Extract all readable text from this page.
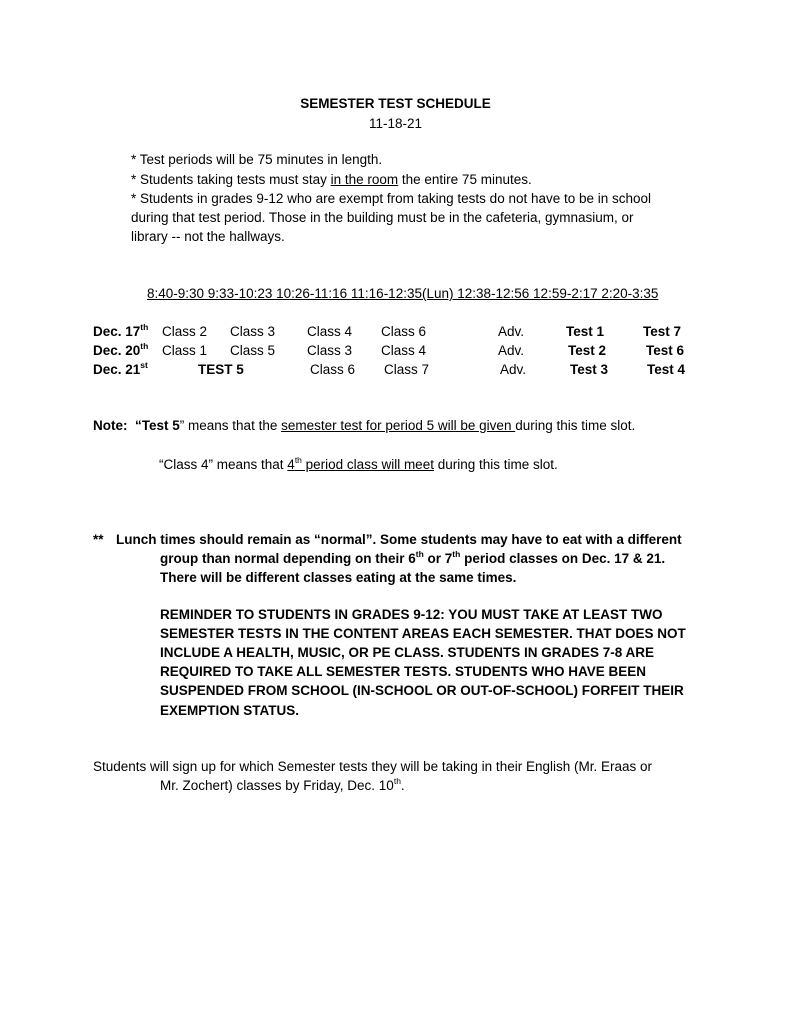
SEMESTER TEST SCHEDULE
11-18-21
* Test periods will be 75 minutes in length.
* Students taking tests must stay in the room the entire 75 minutes.
* Students in grades 9-12 who are exempt from taking tests do not have to be in school
during that test period. Those in the building must be in the cafeteria, gymnasium, or
library -- not the hallways.
8:40-9:30 9:33-10:23 10:26-11:16 11:16-12:35(Lun) 12:38-12:56 12:59-2:17 2:20-3:35
Dec. 17th Class 2 Class 3 Class 4 Class 6	Adv.	Test 1	Test 7
Dec. 20th Class 1 Class 5 Class 3 Class 4	Adv.	Test 2	Test 6
Dec. 21st	TEST 5	Class 6 Class 7	Adv.	Test 3	Test 4
Note: “Test 5” means that the semester test for period 5 will be given during this time slot.
“Class 4” means that 4th period class will meet during this time slot.
** Lunch times should remain as “normal”. Some students may have to eat with a different
group than normal depending on their 6th or 7th period classes on Dec. 17 & 21.
There will be different classes eating at the same times.
REMINDER TO STUDENTS IN GRADES 9-12: YOU MUST TAKE AT LEAST TWO
SEMESTER TESTS IN THE CONTENT AREAS EACH SEMESTER. THAT DOES NOT
INCLUDE A HEALTH, MUSIC, OR PE CLASS. STUDENTS IN GRADES 7-8 ARE
REQUIRED TO TAKE ALL SEMESTER TESTS. STUDENTS WHO HAVE BEEN
SUSPENDED FROM SCHOOL (IN-SCHOOL OR OUT-OF-SCHOOL) FORFEIT THEIR
EXEMPTION STATUS.
Students will sign up for which Semester tests they will be taking in their English (Mr. Eraas or
Mr. Zochert) classes by Friday, Dec. 10th.
